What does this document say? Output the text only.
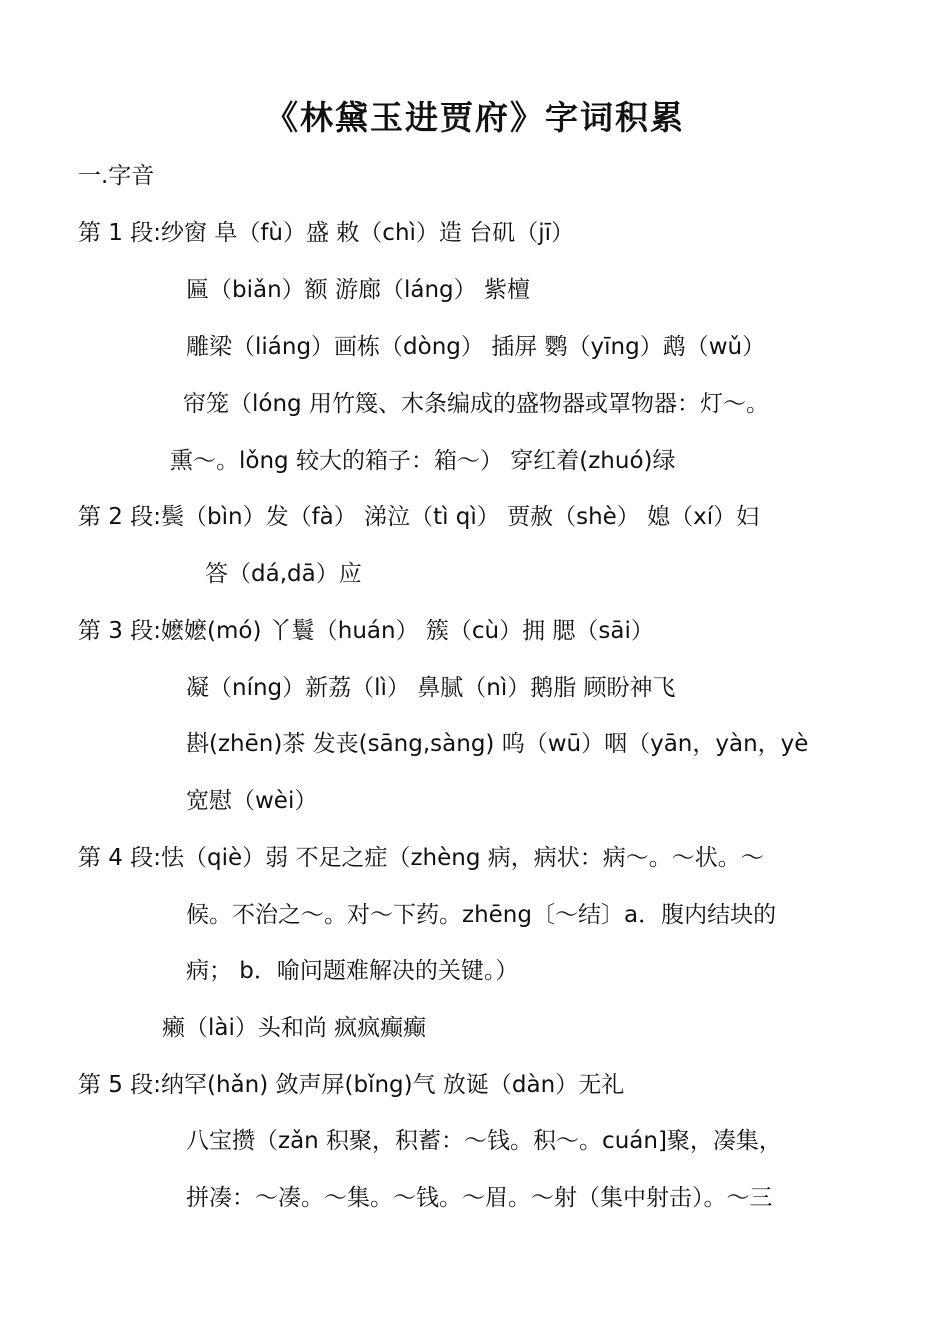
《林黛玉进贾府》字词积累
一.字音
第 1 段:纱窗 阜（fù）盛 敕（chì）造 台矶（jī）
匾（biǎn）额 游廊（láng） 紫檀
雕梁（liáng）画栋（dòng） 插屏 鹦（yīng）鹉（wǔ）
帘笼（lóng 用竹篾、木条编成的盛物器或罩物器：灯～。
熏～。lǒng 较大的箱子：箱～） 穿红着(zhuó)绿
第 2 段:鬓（bìn）发（fà） 涕泣（tì qì） 贾赦（shè） 媳（xí）妇
答（dá,dā）应
第 3 段:嬷嬷(mó) 丫鬟（huán） 簇（cù）拥 腮（sāi）
凝（níng）新荔（lì） 鼻腻（nì）鹅脂 顾盼神飞
斟(zhēn)茶 发丧(sāng,sàng) 呜（wū）咽（yān，yàn，yè
宽慰（wèi）
第 4 段:怯（qiè）弱 不足之症（zhèng 病，病状：病～。～状。～
候。不治之～。对～下药。zhēng〔～结〕a．腹内结块的
病； b．喻问题难解决的关键。）
癞（lài）头和尚 疯疯癫癫
第 5 段:纳罕(hǎn) 敛声屏(bǐng)气 放诞（dàn）无礼
八宝攒（zǎn 积聚，积蓄：～钱。积～。cuán]聚，凑集，
拼凑：～凑。～集。～钱。～眉。～射（集中射击）。～三
